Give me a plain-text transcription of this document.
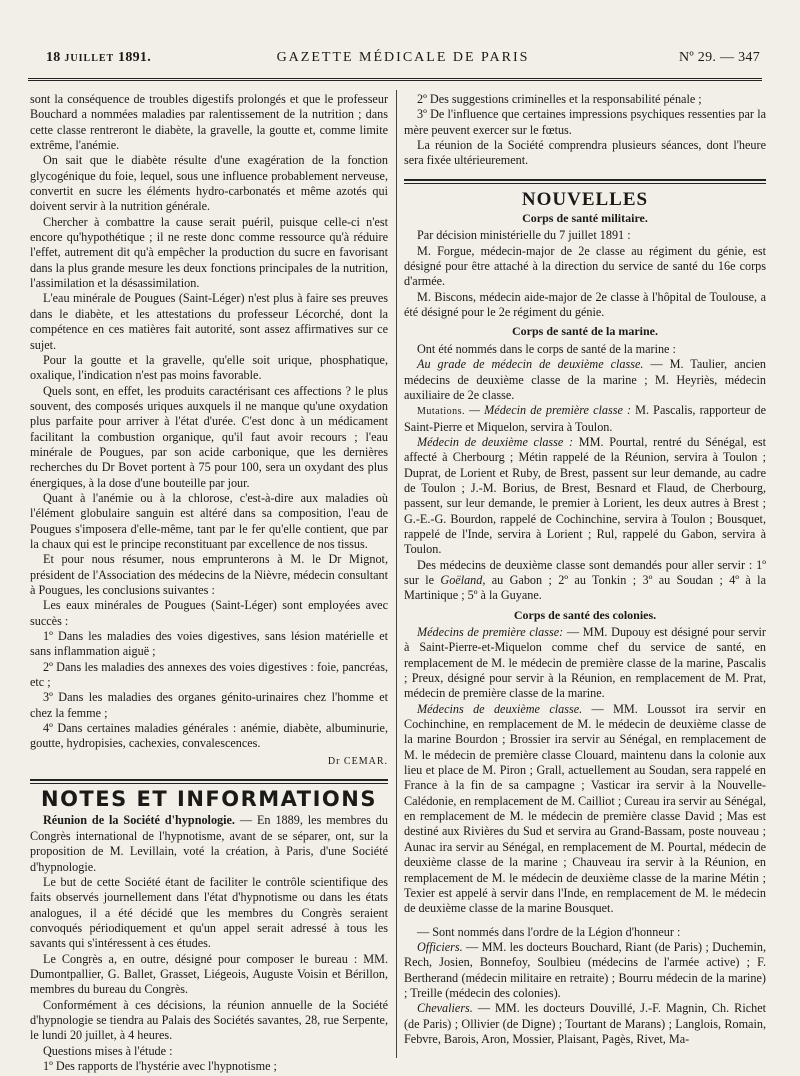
18 JUILLET 1891.	GAZETTE MÉDICALE DE PARIS	Nº 29. — 347

sont la conséquence de troubles digestifs prolongés et que le professeur Bouchard a nommées maladies par ralentissement de la nutrition ; dans cette classe rentreront le diabète, la gravelle, la goutte et, comme limite extrême, l'anémie.

On sait que le diabète résulte d'une exagération de la fonction glycogénique du foie, lequel, sous une influence probablement nerveuse, convertit en sucre les éléments hydro-carbonatés et même azotés qui doivent servir à la nutrition générale.

Chercher à combattre la cause serait puéril, puisque celle-ci n'est encore qu'hypothétique ; il ne reste donc comme ressource qu'à réduire l'effet, autrement dit qu'à empêcher la production du sucre en favorisant dans la plus grande mesure les deux fonctions principales de la nutrition, l'assimilation et la désassimilation.

L'eau minérale de Pougues (Saint-Léger) n'est plus à faire ses preuves dans le diabète, et les attestations du professeur Lécorché, dont la compétence en ces matières fait autorité, sont assez affirmatives sur ce sujet.

Pour la goutte et la gravelle, qu'elle soit urique, phosphatique, oxalique, l'indication n'est pas moins favorable.

Quels sont, en effet, les produits caractérisant ces affections ? le plus souvent, des composés uriques auxquels il ne manque qu'une oxydation plus parfaite pour arriver à l'état d'urée. C'est donc à un médicament facilitant la combustion organique, qu'il faut avoir recours ; l'eau minérale de Pougues, par son acide carbonique, que les dernières recherches du Dr Bovet portent à 75 pour 100, sera un oxydant des plus énergiques, à la dose d'une bouteille par jour.

Quant à l'anémie ou à la chlorose, c'est-à-dire aux maladies où l'élément globulaire sanguin est altéré dans sa composition, l'eau de Pougues s'imposera d'elle-même, tant par le fer qu'elle contient, que par la chaux qui est le principe reconstituant par excellence de nos tissus.

Et pour nous résumer, nous emprunterons à M. le Dr Mignot, président de l'Association des médecins de la Nièvre, médecin consultant à Pougues, les conclusions suivantes :

Les eaux minérales de Pougues (Saint-Léger) sont employées avec succès :

1º Dans les maladies des voies digestives, sans lésion matérielle et sans inflammation aiguë ;

2º Dans les maladies des annexes des voies digestives : foie, pancréas, etc ;

3º Dans les maladies des organes génito-urinaires chez l'homme et chez la femme ;

4º Dans certaines maladies générales : anémie, diabète, albuminurie, goutte, hydropisies, cachexies, convalescences.

Dr CEMAR.
NOTES ET INFORMATIONS

Réunion de la Société d'hypnologie. — En 1889, les membres du Congrès international de l'hypnotisme, avant de se séparer, ont, sur la proposition de M. Levillain, voté la création, à Paris, d'une Société d'hypnologie.

Le but de cette Société étant de faciliter le contrôle scientifique des faits observés journellement dans l'état d'hypnotisme ou dans les états analogues, il a été décidé que les membres du Congrès seraient convoqués périodiquement et qu'un appel serait adressé à tous les savants qui s'intéressent à ces études.

Le Congrès a, en outre, désigné pour composer le bureau : MM. Dumontpallier, G. Ballet, Grasset, Liégeois, Auguste Voisin et Bérillon, membres du bureau du Congrès.

Conformément à ces décisions, la réunion annuelle de la Société d'hypnologie se tiendra au Palais des Sociétés savantes, 28, rue Serpente, le lundi 20 juillet, à 4 heures.

Questions mises à l'étude :

1º Des rapports de l'hystérie avec l'hypnotisme ;

2º Des suggestions criminelles et la responsabilité pénale ;

3º De l'influence que certaines impressions psychiques ressenties par la mère peuvent exercer sur le fœtus.

La réunion de la Société comprendra plusieurs séances, dont l'heure sera fixée ultérieurement.

NOUVELLES
Corps de santé militaire.

Par décision ministérielle du 7 juillet 1891 :

M. Forgue, médecin-major de 2e classe au régiment du génie, est désigné pour être attaché à la direction du service de santé du 16e corps d'armée.

M. Biscons, médecin aide-major de 2e classe à l'hôpital de Toulouse, a été désigné pour le 2e régiment du génie.

Corps de santé de la marine.

Ont été nommés dans le corps de santé de la marine :

Au grade de médecin de deuxième classe. — M. Taulier, ancien médecins de deuxième classe de la marine ; M. Heyriès, médecin auxiliaire de 2e classe.

Mutations. — Médecin de première classe : M. Pascalis, rapporteur de Saint-Pierre et Miquelon, servira à Toulon.

Médecin de deuxième classe : MM. Pourtal, rentré du Sénégal, est affecté à Cherbourg ; Métin rappelé de la Réunion, servira à Toulon ; Duprat, de Lorient et Ruby, de Brest, passent sur leur demande, au cadre de Toulon ; J.-M. Borius, de Brest, Besnard et Flaud, de Cherbourg, passent, sur leur demande, le premier à Lorient, les deux autres à Brest ; G.-E.-G. Bourdon, rappelé de Cochinchine, servira à Toulon ; Bousquet, rappelé de l'Inde, servira à Lorient ; Rul, rappelé du Gabon, servira à Toulon.

Des médecins de deuxième classe sont demandés pour aller servir : 1º sur le Goëland, au Gabon ; 2º au Tonkin ; 3º au Soudan ; 4º à la Martinique ; 5º à la Guyane.

Corps de santé des colonies.

Médecins de première classe: — MM. Dupouy est désigné pour servir à Saint-Pierre-et-Miquelon comme chef du service de santé, en remplacement de M. le médecin de première classe de la marine, Pascalis ; Preux, désigné pour servir à la Réunion, en remplacement de M. Prat, médecin de première classe de la marine.

Médecins de deuxième classe. — MM. Loussot ira servir en Cochinchine, en remplacement de M. le médecin de deuxième classe de la marine Bourdon ; Brossier ira servir au Sénégal, en remplacement de M. le médecin de première classe Clouard, maintenu dans la colonie aux lieu et place de M. Piron ; Grall, actuellement au Soudan, sera rappelé en France à la fin de sa campagne ; Vasticar ira servir à la Nouvelle-Calédonie, en remplacement de M. Cailliot ; Cureau ira servir au Sénégal, en remplacement de M. le médecin de première classe David ; Mas est destiné aux Rivières du Sud et servira au Grand-Bassam, poste nouveau ; Aunac ira servir au Sénégal, en remplacement de M. Pourtal, médecin de deuxième classe de la marine ; Chauveau ira servir à la Réunion, en remplacement de M. le médecin de deuxième classe de la marine Métin ; Texier est appelé à servir dans l'Inde, en remplacement de M. le médecin de deuxième classe de la marine Bousquet.

— Sont nommés dans l'ordre de la Légion d'honneur :

Officiers. — MM. les docteurs Bouchard, Riant (de Paris) ; Duchemin, Rech, Josien, Bonnefoy, Soulbieu (médecins de l'armée active) ; F. Bertherand (médecin militaire en retraite) ; Bourru médecin de la marine) ; Treille (médecin des colonies).

Chevaliers. — MM. les docteurs Douvillé, J.-F. Magnin, Ch. Richet (de Paris) ; Ollivier (de Digne) ; Tourtant de Marans) ; Langlois, Romain, Febvre, Barois, Aron, Mossier, Plaisant, Pagès, Rivet, Ma-
